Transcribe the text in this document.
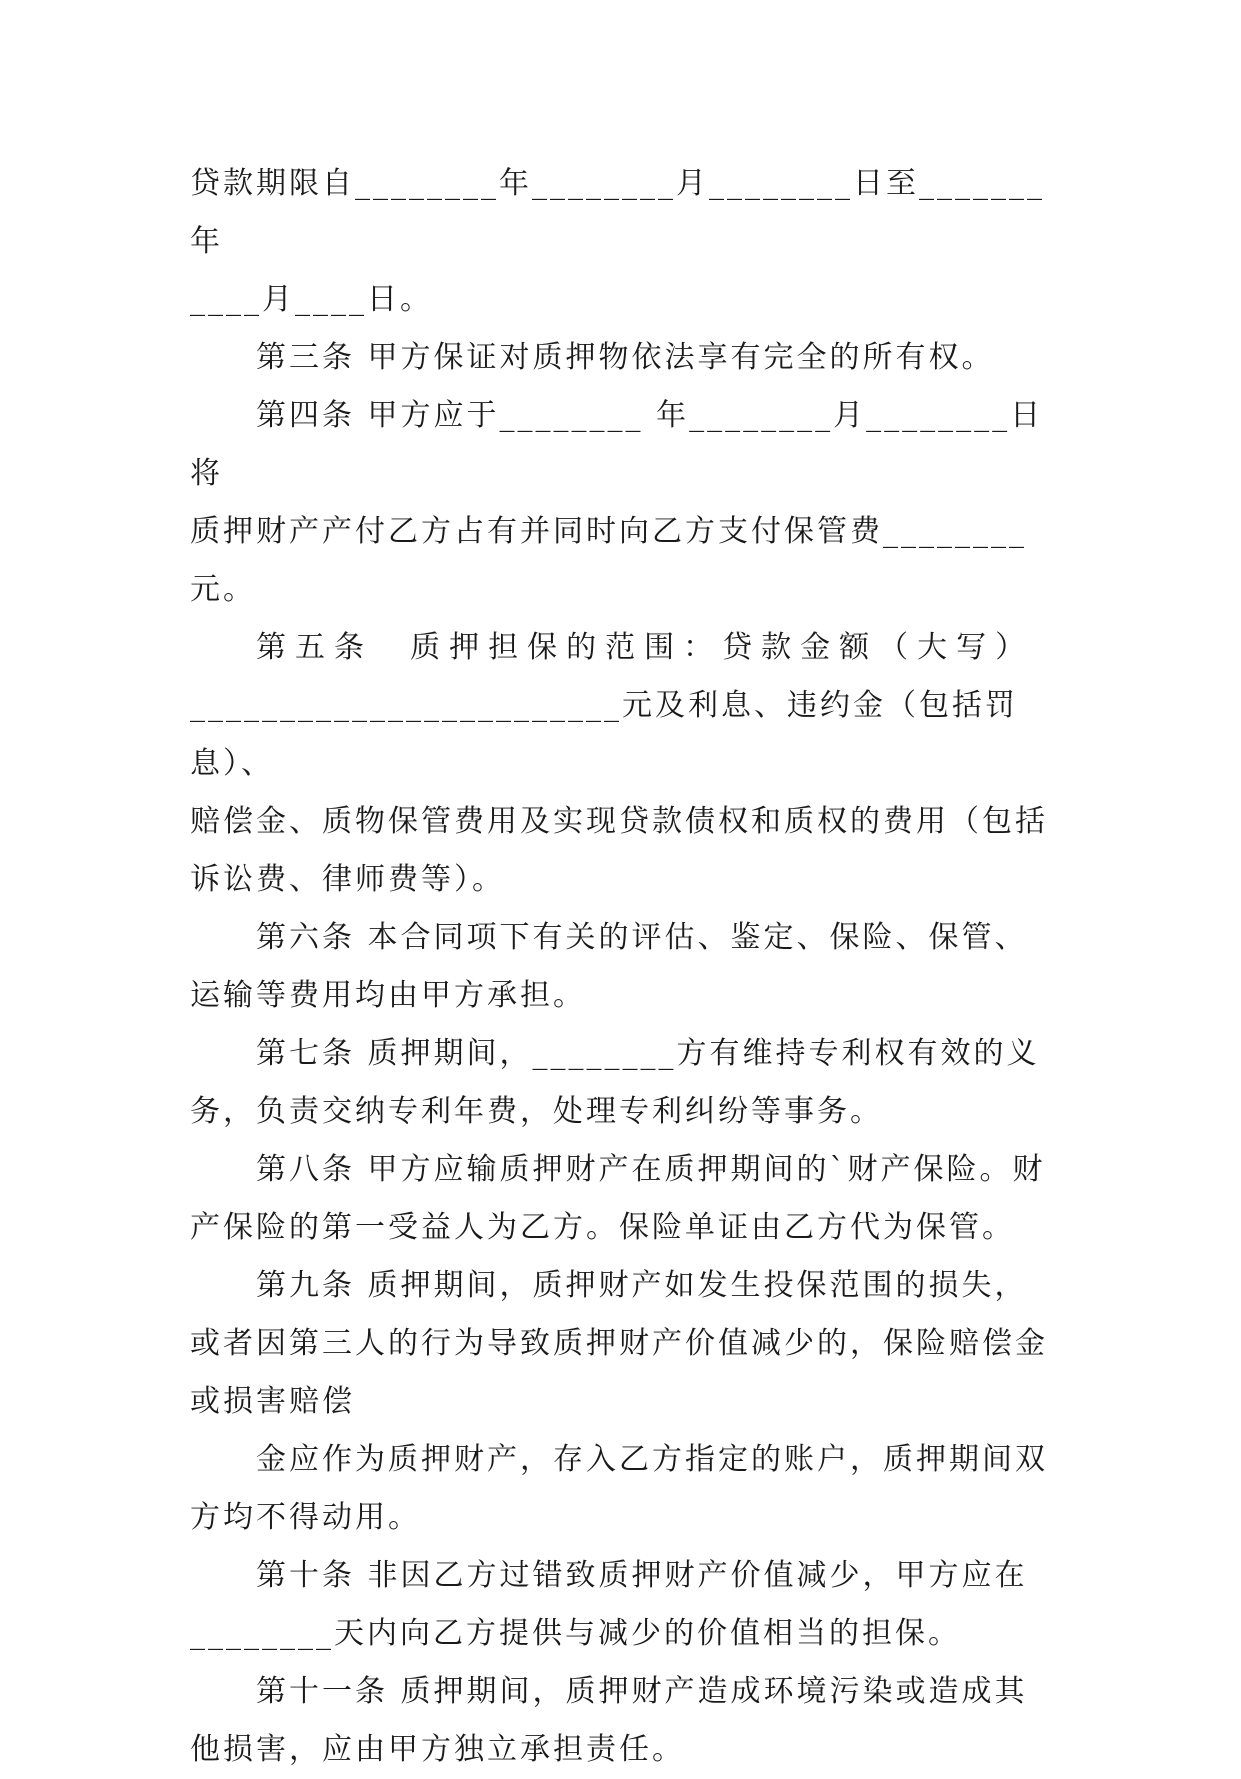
贷款期限自________年________月________日至_______年

____月____日。

第三条 甲方保证对质押物依法享有完全的所有权。

第四条 甲方应于________ 年________月________日将

质押财产产付乙方占有并同时向乙方支付保管费________元。

第五条  质押担保的范围：贷款金额（大写）

________________________元及利息、违约金（包括罚息）、

赔偿金、质物保管费用及实现贷款债权和质权的费用（包括

诉讼费、律师费等）。

第六条 本合同项下有关的评估、鉴定、保险、保管、

运输等费用均由甲方承担。

第七条 质押期间，________方有维持专利权有效的义

务，负责交纳专利年费，处理专利纠纷等事务。

第八条 甲方应输质押财产在质押期间的`财产保险。财

产保险的第一受益人为乙方。保险单证由乙方代为保管。

第九条 质押期间，质押财产如发生投保范围的损失，

或者因第三人的行为导致质押财产价值减少的，保险赔偿金

或损害赔偿

金应作为质押财产，存入乙方指定的账户，质押期间双

方均不得动用。

第十条 非因乙方过错致质押财产价值减少，甲方应在

________天内向乙方提供与减少的价值相当的担保。

第十一条 质押期间，质押财产造成环境污染或造成其

他损害，应由甲方独立承担责任。
